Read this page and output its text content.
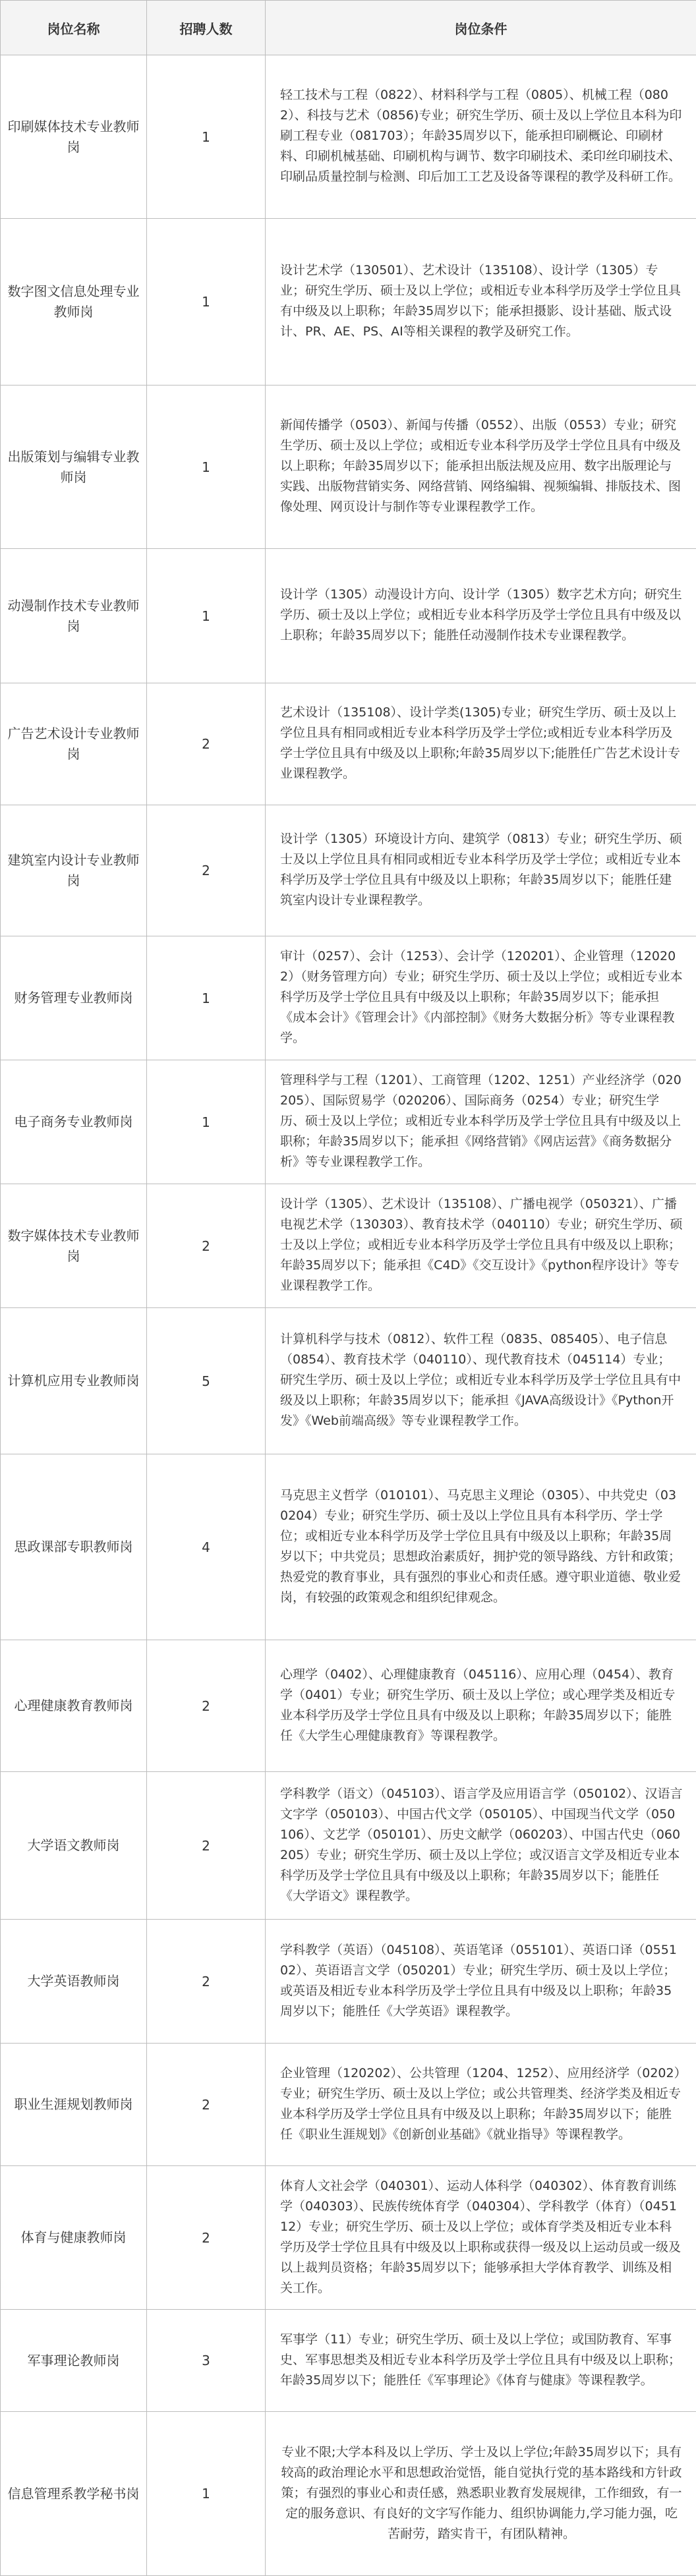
岗位名称	招聘人数	岗位条件
印刷媒体技术专业教师岗	1	轻工技术与工程（0822）、材料科学与工程（0805）、机械工程（0802）、科技与艺术（0856)专业；研究生学历、硕士及以上学位且本科为印刷工程专业（081703）；年龄35周岁以下，能承担印刷概论、印刷材料、印刷机械基础、印刷机构与调节、数字印刷技术、柔印丝印刷技术、印刷品质量控制与检测、印后加工工艺及设备等课程的教学及科研工作。
数字图文信息处理专业教师岗	1	设计艺术学（130501）、艺术设计（135108）、设计学（1305）专业；研究生学历、硕士及以上学位；或相近专业本科学历及学士学位且具有中级及以上职称；年龄35周岁以下；能承担摄影、设计基础、版式设计、PR、AE、PS、AI等相关课程的教学及研究工作。
出版策划与编辑专业教师岗	1	新闻传播学（0503）、新闻与传播（0552）、出版（0553）专业；研究生学历、硕士及以上学位；或相近专业本科学历及学士学位且具有中级及以上职称；年龄35周岁以下；能承担出版法规及应用、数字出版理论与实践、出版物营销实务、网络营销、网络编辑、视频编辑、排版技术、图像处理、网页设计与制作等专业课程教学工作。
动漫制作技术专业教师岗	1	设计学（1305）动漫设计方向、设计学（1305）数字艺术方向；研究生学历、硕士及以上学位；或相近专业本科学历及学士学位且具有中级及以上职称；年龄35周岁以下；能胜任动漫制作技术专业课程教学。
广告艺术设计专业教师岗	2	艺术设计（135108）、设计学类(1305)专业；研究生学历、硕士及以上学位且具有相同或相近专业本科学历及学士学位;或相近专业本科学历及学士学位且具有中级及以上职称;年龄35周岁以下;能胜任广告艺术设计专业课程教学。
建筑室内设计专业教师岗	2	设计学（1305）环境设计方向、建筑学（0813）专业；研究生学历、硕士及以上学位且具有相同或相近专业本科学历及学士学位；或相近专业本科学历及学士学位且具有中级及以上职称；年龄35周岁以下；能胜任建筑室内设计专业课程教学。
财务管理专业教师岗	1	审计（0257）、会计（1253）、会计学（120201）、企业管理（120202）（财务管理方向）专业；研究生学历、硕士及以上学位；或相近专业本科学历及学士学位且具有中级及以上职称；年龄35周岁以下；能承担《成本会计》《管理会计》《内部控制》《财务大数据分析》等专业课程教学。
电子商务专业教师岗	1	管理科学与工程（1201）、工商管理（1202、1251）产业经济学（020205）、国际贸易学（020206）、国际商务（0254）专业；研究生学历、硕士及以上学位；或相近专业本科学历及学士学位且具有中级及以上职称；年龄35周岁以下；能承担《网络营销》《网店运营》《商务数据分析》等专业课程教学工作。
数字媒体技术专业教师岗	2	设计学（1305）、艺术设计（135108）、广播电视学（050321）、广播电视艺术学（130303）、教育技术学（040110）专业；研究生学历、硕士及以上学位；或相近专业本科学历及学士学位且具有中级及以上职称；年龄35周岁以下；能承担《C4D》《交互设计》《python程序设计》等专业课程教学工作。
计算机应用专业教师岗	5	计算机科学与技术（0812）、软件工程（0835、085405）、电子信息（0854）、教育技术学（040110）、现代教育技术（045114）专业；研究生学历、硕士及以上学位；或相近专业本科学历及学士学位且具有中级及以上职称；年龄35周岁以下；能承担《JAVA高级设计》《Python开发》《Web前端高级》等专业课程教学工作。
思政课部专职教师岗	4	马克思主义哲学（010101）、马克思主义理论（0305）、中共党史（030204）专业；研究生学历、硕士及以上学位且具有本科学历、学士学位；或相近专业本科学历及学士学位且具有中级及以上职称；年龄35周岁以下；中共党员；思想政治素质好，拥护党的领导路线、方针和政策；热爱党的教育事业，具有强烈的事业心和责任感。遵守职业道德、敬业爱岗，有较强的政策观念和组织纪律观念。
心理健康教育教师岗	2	心理学（0402）、心理健康教育（045116）、应用心理（0454）、教育学（0401）专业；研究生学历、硕士及以上学位；或心理学类及相近专业本科学历及学士学位且具有中级及以上职称；年龄35周岁以下；能胜任《大学生心理健康教育》等课程教学。
大学语文教师岗	2	学科教学（语文）（045103）、语言学及应用语言学（050102）、汉语言文字学（050103）、中国古代文学（050105）、中国现当代文学（050106）、文艺学（050101）、历史文献学（060203）、中国古代史（060205）专业；研究生学历、硕士及以上学位；或汉语言文学及相近专业本科学历及学士学位且具有中级及以上职称；年龄35周岁以下；能胜任《大学语文》课程教学。
大学英语教师岗	2	学科教学（英语）（045108）、英语笔译（055101）、英语口译（055102）、英语语言文学（050201）专业；研究生学历、硕士及以上学位；或英语及相近专业本科学历及学士学位且具有中级及以上职称；年龄35周岁以下；能胜任《大学英语》课程教学。
职业生涯规划教师岗	2	企业管理（120202）、公共管理（1204、1252）、应用经济学（0202）专业；研究生学历、硕士及以上学位；或公共管理类、经济学类及相近专业本科学历及学士学位且具有中级及以上职称；年龄35周岁以下；能胜任《职业生涯规划》《创新创业基础》《就业指导》等课程教学。
体育与健康教师岗	2	体育人文社会学（040301）、运动人体科学（040302）、体育教育训练学（040303）、民族传统体育学（040304）、学科教学（体育）（045112）专业；研究生学历、硕士及以上学位；或体育学类及相近专业本科学历及学士学位且具有中级及以上职称或获得一级及以上运动员或一级及以上裁判员资格；年龄35周岁以下；能够承担大学体育教学、训练及相关工作。
军事理论教师岗	3	军事学（11）专业；研究生学历、硕士及以上学位；或国防教育、军事史、军事思想类及相近专业本科学历及学士学位且具有中级及以上职称；年龄35周岁以下；能胜任《军事理论》《体育与健康》等课程教学。
信息管理系教学秘书岗	1	专业不限;大学本科及以上学历、学士及以上学位;年龄35周岁以下；具有较高的政治理论水平和思想政治觉悟，能自觉执行党的基本路线和方针政策；有强烈的事业心和责任感，熟悉职业教育发展规律，工作细致，有一定的服务意识、有良好的文字写作能力、组织协调能力,学习能力强，吃苦耐劳，踏实肯干，有团队精神。
